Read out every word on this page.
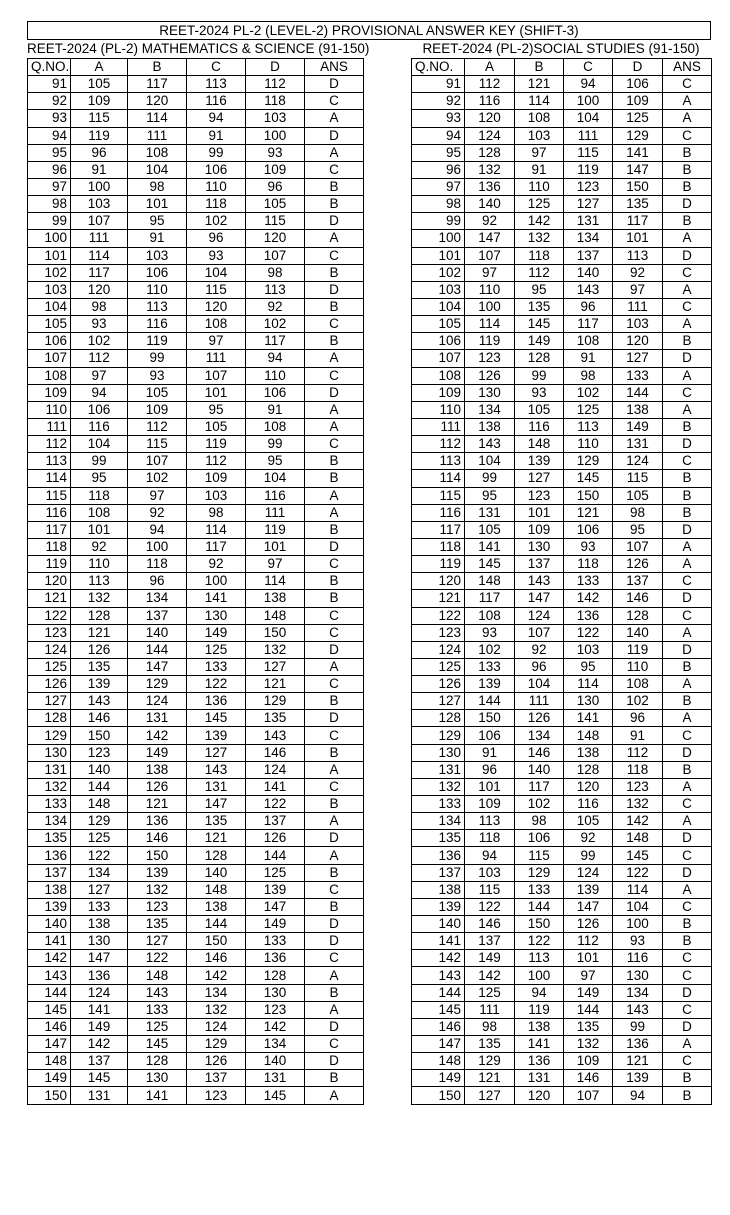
REET-2024 PL-2 (LEVEL-2) PROVISIONAL ANSWER KEY (SHIFT-3)
REET-2024 (PL-2) MATHEMATICS & SCIENCE (91-150)	REET-2024 (PL-2)SOCIAL STUDIES (91-150)
Q.NO.	A	B	C	D	ANS
91	105	117	113	112	D
92	109	120	116	118	C
93	115	114	94	103	A
94	119	111	91	100	D
95	96	108	99	93	A
96	91	104	106	109	C
97	100	98	110	96	B
98	103	101	118	105	B
99	107	95	102	115	D
100	111	91	96	120	A
101	114	103	93	107	C
102	117	106	104	98	B
103	120	110	115	113	D
104	98	113	120	92	B
105	93	116	108	102	C
106	102	119	97	117	B
107	112	99	111	94	A
108	97	93	107	110	C
109	94	105	101	106	D
110	106	109	95	91	A
111	116	112	105	108	A
112	104	115	119	99	C
113	99	107	112	95	B
114	95	102	109	104	B
115	118	97	103	116	A
116	108	92	98	111	A
117	101	94	114	119	B
118	92	100	117	101	D
119	110	118	92	97	C
120	113	96	100	114	B
121	132	134	141	138	B
122	128	137	130	148	C
123	121	140	149	150	C
124	126	144	125	132	D
125	135	147	133	127	A
126	139	129	122	121	C
127	143	124	136	129	B
128	146	131	145	135	D
129	150	142	139	143	C
130	123	149	127	146	B
131	140	138	143	124	A
132	144	126	131	141	C
133	148	121	147	122	B
134	129	136	135	137	A
135	125	146	121	126	D
136	122	150	128	144	A
137	134	139	140	125	B
138	127	132	148	139	C
139	133	123	138	147	B
140	138	135	144	149	D
141	130	127	150	133	D
142	147	122	146	136	C
143	136	148	142	128	A
144	124	143	134	130	B
145	141	133	132	123	A
146	149	125	124	142	D
147	142	145	129	134	C
148	137	128	126	140	D
149	145	130	137	131	B
150	131	141	123	145	A
Q.NO.	A	B	C	D	ANS
91	112	121	94	106	C
92	116	114	100	109	A
93	120	108	104	125	A
94	124	103	111	129	C
95	128	97	115	141	B
96	132	91	119	147	B
97	136	110	123	150	B
98	140	125	127	135	D
99	92	142	131	117	B
100	147	132	134	101	A
101	107	118	137	113	D
102	97	112	140	92	C
103	110	95	143	97	A
104	100	135	96	111	C
105	114	145	117	103	A
106	119	149	108	120	B
107	123	128	91	127	D
108	126	99	98	133	A
109	130	93	102	144	C
110	134	105	125	138	A
111	138	116	113	149	B
112	143	148	110	131	D
113	104	139	129	124	C
114	99	127	145	115	B
115	95	123	150	105	B
116	131	101	121	98	B
117	105	109	106	95	D
118	141	130	93	107	A
119	145	137	118	126	A
120	148	143	133	137	C
121	117	147	142	146	D
122	108	124	136	128	C
123	93	107	122	140	A
124	102	92	103	119	D
125	133	96	95	110	B
126	139	104	114	108	A
127	144	111	130	102	B
128	150	126	141	96	A
129	106	134	148	91	C
130	91	146	138	112	D
131	96	140	128	118	B
132	101	117	120	123	A
133	109	102	116	132	C
134	113	98	105	142	A
135	118	106	92	148	D
136	94	115	99	145	C
137	103	129	124	122	D
138	115	133	139	114	A
139	122	144	147	104	C
140	146	150	126	100	B
141	137	122	112	93	B
142	149	113	101	116	C
143	142	100	97	130	C
144	125	94	149	134	D
145	111	119	144	143	C
146	98	138	135	99	D
147	135	141	132	136	A
148	129	136	109	121	C
149	121	131	146	139	B
150	127	120	107	94	B
